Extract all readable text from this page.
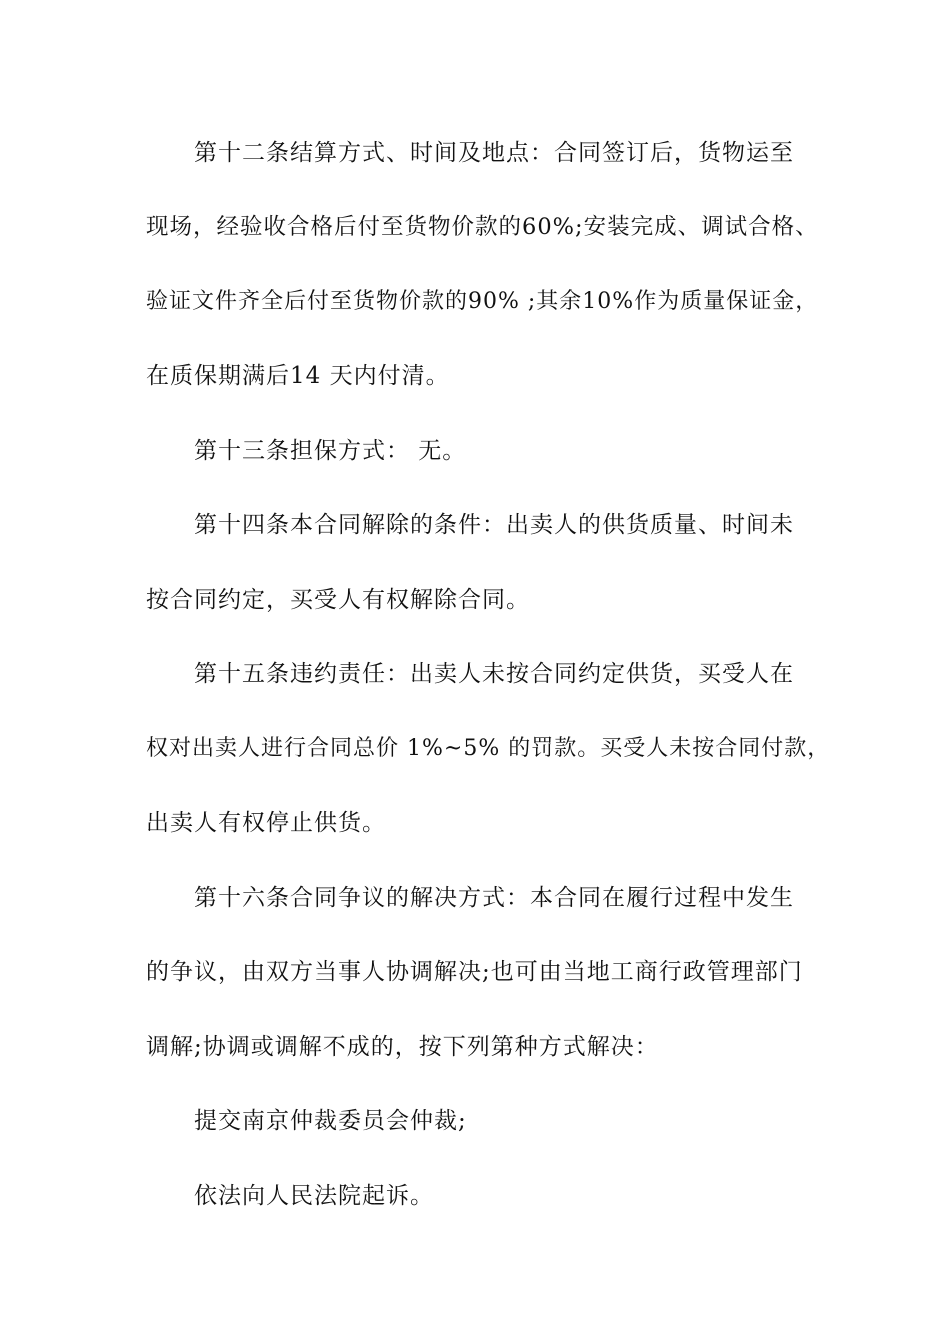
第十二条结算方式、时间及地点：合同签订后，货物运至

现场，经验收合格后付至货物价款的60%;安装完成、调试合格、

验证文件齐全后付至货物价款的90% ;其余10%作为质量保证金，

在质保期满后14 天内付清。

第十三条担保方式： 无。

第十四条本合同解除的条件：出卖人的供货质量、时间未

按合同约定，买受人有权解除合同。

第十五条违约责任：出卖人未按合同约定供货，买受人在

权对出卖人进行合同总价 1%~5% 的罚款。买受人未按合同付款，

出卖人有权停止供货。

第十六条合同争议的解决方式：本合同在履行过程中发生

的争议，由双方当事人协调解决;也可由当地工商行政管理部门

调解;协调或调解不成的，按下列第种方式解决：

提交南京仲裁委员会仲裁;

依法向人民法院起诉。
